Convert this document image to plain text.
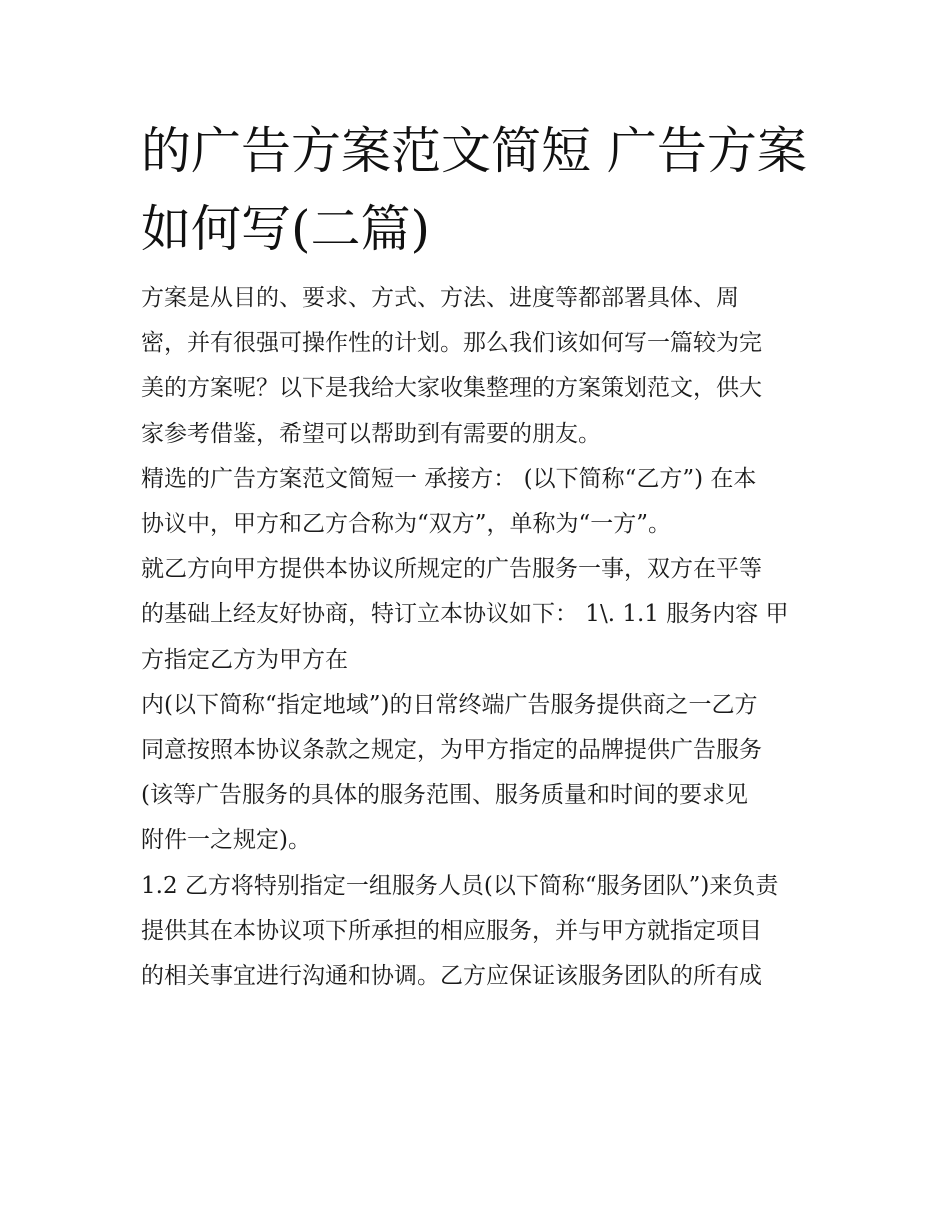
的广告方案范文简短 广告方案
如何写(二篇)

方案是从目的、要求、方式、方法、进度等都部署具体、周
密，并有很强可操作性的计划。那么我们该如何写一篇较为完
美的方案呢？以下是我给大家收集整理的方案策划范文，供大
家参考借鉴，希望可以帮助到有需要的朋友。

精选的广告方案范文简短一 承接方： (以下简称“乙方”) 在本
协议中，甲方和乙方合称为“双方”，单称为“一方”。

就乙方向甲方提供本协议所规定的广告服务一事，双方在平等
的基础上经友好协商，特订立本协议如下： 1\. 1.1 服务内容 甲
方指定乙方为甲方在

内(以下简称“指定地域”)的日常终端广告服务提供商之一乙方
同意按照本协议条款之规定，为甲方指定的品牌提供广告服务
(该等广告服务的具体的服务范围、服务质量和时间的要求见
附件一之规定)。

1.2 乙方将特别指定一组服务人员(以下简称“服务团队”)来负责
提供其在本协议项下所承担的相应服务，并与甲方就指定项目
的相关事宜进行沟通和协调。乙方应保证该服务团队的所有成
